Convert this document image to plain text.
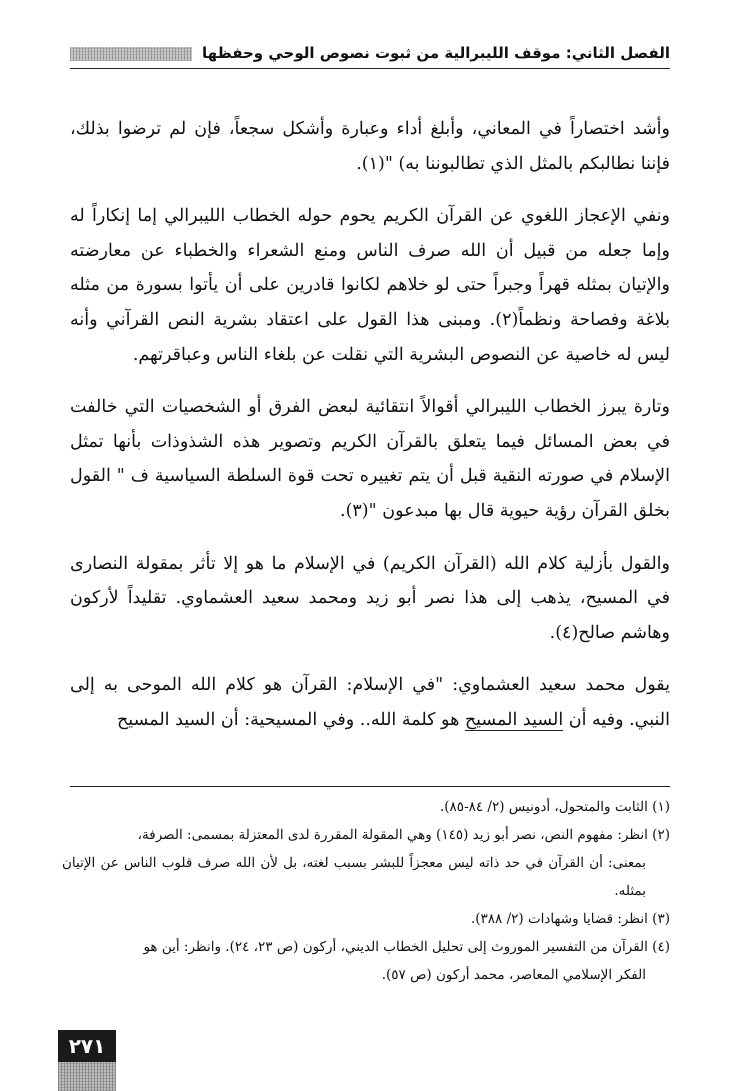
الفصل الثاني: موقف الليبرالية من ثبوت نصوص الوحي وحفظها

وأشد اختصاراً في المعاني، وأبلغ أداء وعبارة وأشكل سجعاً، فإن لم ترضوا بذلك، فإننا نطالبكم بالمثل الذي تطالبوننا به) "(١).

ونفي الإعجاز اللغوي عن القرآن الكريم يحوم حوله الخطاب الليبرالي إما إنكاراً له وإما جعله من قبيل أن الله صرف الناس ومنع الشعراء والخطباء عن معارضته والإتيان بمثله قهراً وجبراً حتى لو خلاهم لكانوا قادرين على أن يأتوا بسورة من مثله بلاغة وفصاحة ونظماً(٢). ومبنى هذا القول على اعتقاد بشرية النص القرآني وأنه ليس له خاصية عن النصوص البشرية التي نقلت عن بلغاء الناس وعباقرتهم.

وتارة يبرز الخطاب الليبرالي أقوالاً انتقائية لبعض الفرق أو الشخصيات التي خالفت في بعض المسائل فيما يتعلق بالقرآن الكريم وتصوير هذه الشذوذات بأنها تمثل الإسلام في صورته النقية قبل أن يتم تغييره تحت قوة السلطة السياسية ف " القول بخلق القرآن رؤية حيوية قال بها مبدعون "(٣).

والقول بأزلية كلام الله (القرآن الكريم) في الإسلام ما هو إلا تأثر بمقولة النصارى في المسيح، يذهب إلى هذا نصر أبو زيد ومحمد سعيد العشماوي. تقليداً لأركون وهاشم صالح(٤).

يقول محمد سعيد العشماوي: "في الإسلام: القرآن هو كلام الله الموحى به إلى النبي. وفيه أن السيد المسيح هو كلمة الله.. وفي المسيحية: أن السيد المسيح

(١) الثابت والمتحول، أدونيس (٢/ ٨٤-٨٥).

(٢) انظر: مفهوم النص، نصر أبو زيد (١٤٥) وهي المقولة المقررة لدى المعتزلة بمسمى: الصرفة،
بمعنى: أن القرآن في حد ذاته ليس معجزاً للبشر بسبب لغته، بل لأن الله صرف قلوب الناس عن الإتيان بمثله.

(٣) انظر: قضايا وشهادات (٢/ ٣٨٨).

(٤) القرآن من التفسير الموروث إلى تحليل الخطاب الديني، أركون (ص ٢٣، ٢٤). وانظر: أين هو
الفكر الإسلامي المعاصر، محمد أركون (ص ٥٧).

٢٧١
